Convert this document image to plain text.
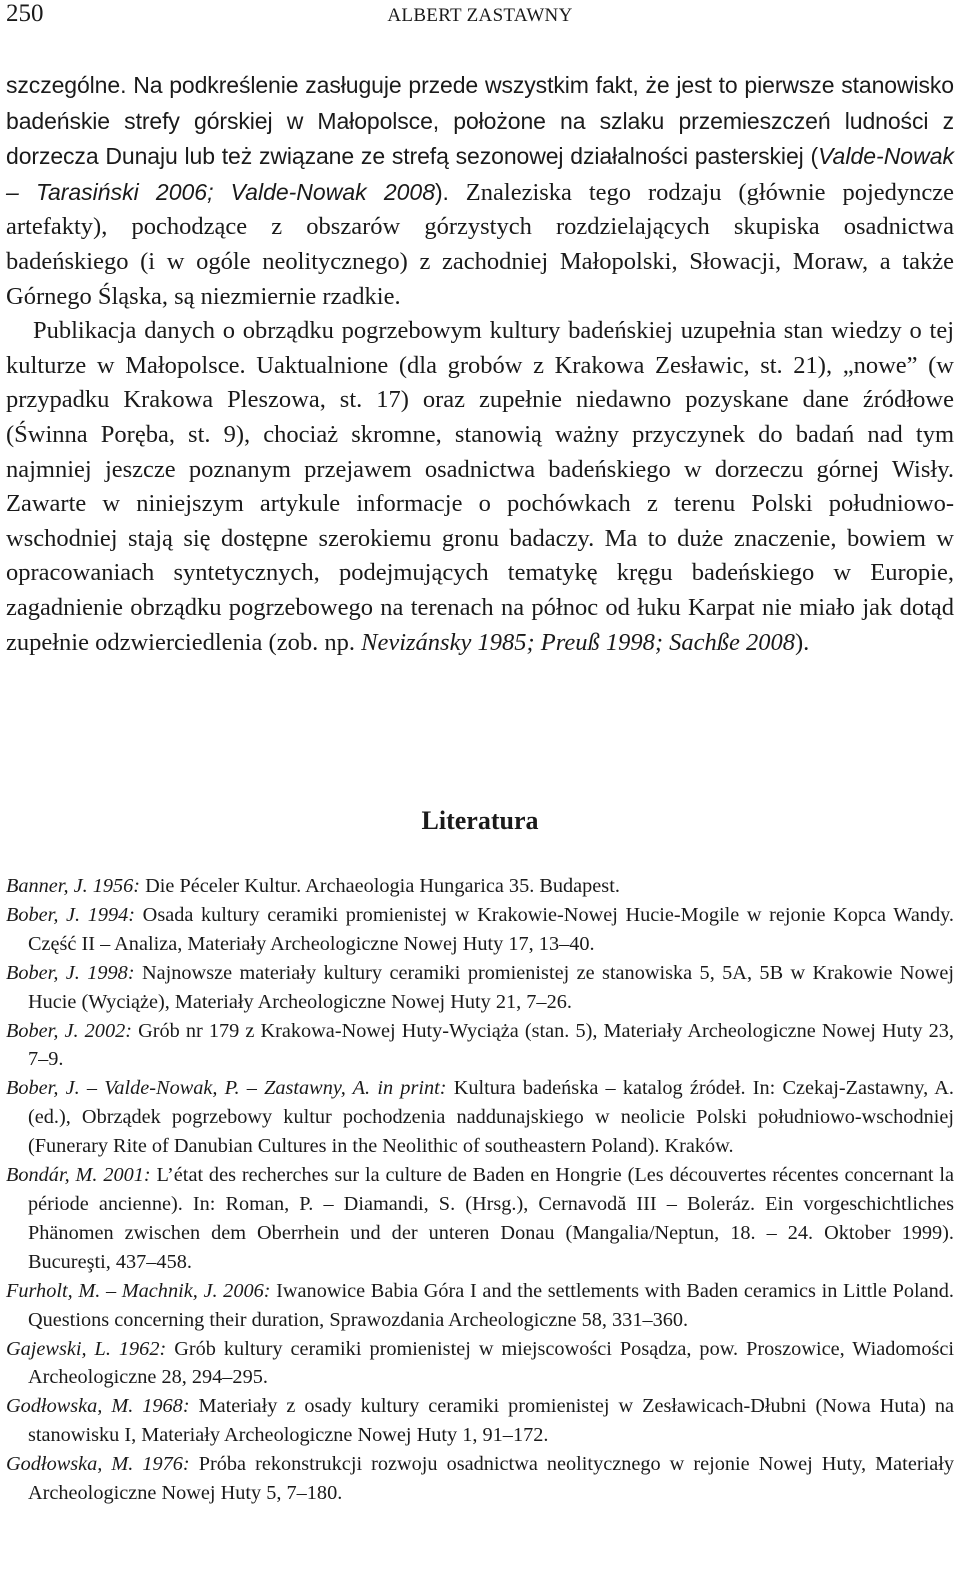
250	ALBERT ZASTAWNY

szczególne. Na podkreślenie zasługuje przede wszystkim fakt, że jest to pierwsze stanowisko badeńskie strefy górskiej w Małopolsce, położone na szlaku przemieszczeń ludności z dorzecza Dunaju lub też związane ze strefą sezonowej działalności pasterskiej (Valde-Nowak – Tarasiński 2006; Valde-Nowak 2008). Znaleziska tego rodzaju (głównie pojedyncze artefakty), pochodzące z obszarów górzystych rozdzielających skupiska osadnictwa badeńskiego (i w ogóle neolitycznego) z zachodniej Małopolski, Słowacji, Moraw, a także Górnego Śląska, są niezmiernie rzadkie.

Publikacja danych o obrządku pogrzebowym kultury badeńskiej uzupełnia stan wiedzy o tej kulturze w Małopolsce. Uaktualnione (dla grobów z Krakowa Zesławic, st. 21), „nowe” (w przypadku Krakowa Pleszowa, st. 17) oraz zupełnie niedawno pozyskane dane źródłowe (Świnna Poręba, st. 9), chociaż skromne, stanowią ważny przyczynek do badań nad tym najmniej jeszcze poznanym przejawem osadnictwa badeńskiego w dorzeczu górnej Wisły. Zawarte w niniejszym artykule informacje o pochówkach z terenu Polski południowo-wschodniej stają się dostępne szerokiemu gronu badaczy. Ma to duże znaczenie, bowiem w opracowaniach syntetycznych, podejmujących tematykę kręgu badeńskiego w Europie, zagadnienie obrządku pogrzebowego na terenach na północ od łuku Karpat nie miało jak dotąd zupełnie odzwierciedlenia (zob. np. Nevizánsky 1985; Preuß 1998; Sachße 2008).

Literatura

Banner, J. 1956: Die Péceler Kultur. Archaeologia Hungarica 35. Budapest.

Bober, J. 1994: Osada kultury ceramiki promienistej w Krakowie-Nowej Hucie-Mogile w rejonie Kopca Wandy. Część II – Analiza, Materiały Archeologiczne Nowej Huty 17, 13–40.

Bober, J. 1998: Najnowsze materiały kultury ceramiki promienistej ze stanowiska 5, 5A, 5B w Krakowie Nowej Hucie (Wyciąże), Materiały Archeologiczne Nowej Huty 21, 7–26.

Bober, J. 2002: Grób nr 179 z Krakowa-Nowej Huty-Wyciąża (stan. 5), Materiały Archeologiczne Nowej Huty 23, 7–9.

Bober, J. – Valde-Nowak, P. – Zastawny, A. in print: Kultura badeńska – katalog źródeł. In: Czekaj-Zastawny, A. (ed.), Obrządek pogrzebowy kultur pochodzenia naddunajskiego w neolicie Polski południowo-wschodniej (Funerary Rite of Danubian Cultures in the Neolithic of southeastern Poland). Kraków.

Bondár, M. 2001: L’état des recherches sur la culture de Baden en Hongrie (Les découvertes récentes concernant la période ancienne). In: Roman, P. – Diamandi, S. (Hrsg.), Cernavodă III – Boleráz. Ein vorgeschichtliches Phänomen zwischen dem Oberrhein und der unteren Donau (Mangalia/Neptun, 18. – 24. Oktober 1999). Bucureşti, 437–458.

Furholt, M. – Machnik, J. 2006: Iwanowice Babia Góra I and the settlements with Baden ceramics in Little Poland. Questions concerning their duration, Sprawozdania Archeologiczne 58, 331–360.

Gajewski, L. 1962: Grób kultury ceramiki promienistej w miejscowości Posądza, pow. Proszowice, Wiadomości Archeologiczne 28, 294–295.

Godłowska, M. 1968: Materiały z osady kultury ceramiki promienistej w Zesławicach-Dłubni (Nowa Huta) na stanowisku I, Materiały Archeologiczne Nowej Huty 1, 91–172.

Godłowska, M. 1976: Próba rekonstrukcji rozwoju osadnictwa neolitycznego w rejonie Nowej Huty, Materiały Archeologiczne Nowej Huty 5, 7–180.
